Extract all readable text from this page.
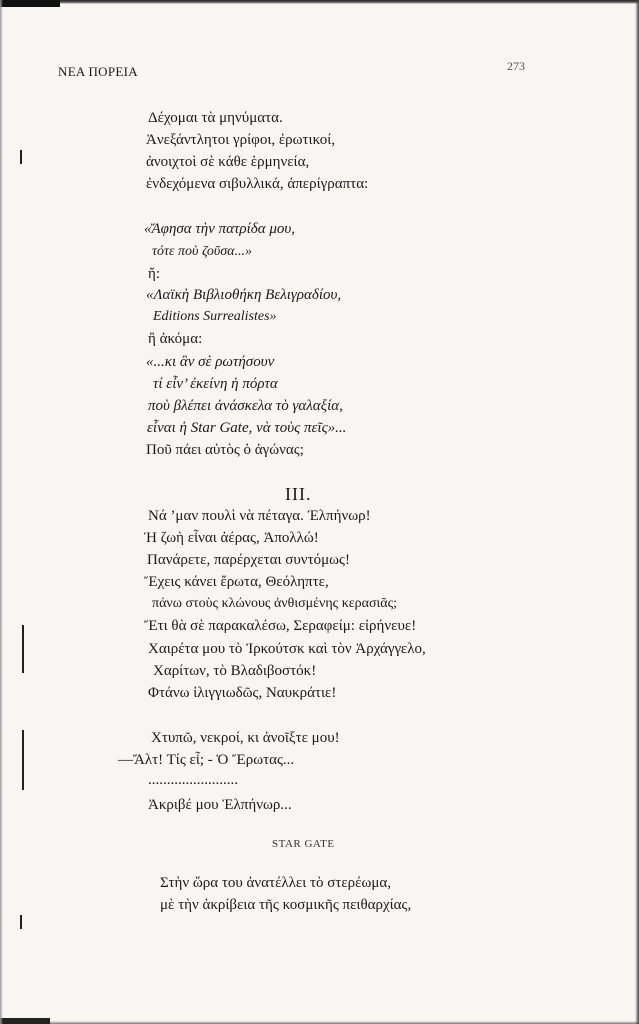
ΝΕΑ ΠΟΡΕΙΑ	273
Δέχομαι τὰ μηνύματα.
Ἀνεξάντλητοι γρίφοι, ἐρωτικοί,
ἀνοιχτοὶ σὲ κάθε ἑρμηνεία,
ἐνδεχόμενα σιβυλλικά, ἀπερίγραπτα:
«Ἄφησα τὴν πατρίδα μου,
τότε ποὺ ζοῦσα...»
ἤ:
«Λαϊκὴ Βιβλιοθήκη Βελιγραδίου,
Editions Surrealistes»
ἢ ἀκόμα:
«...κι ἂν σὲ ρωτήσουν
τί εἶν’ ἐκείνη ἡ πόρτα
ποὺ βλέπει ἀνάσκελα τὸ γαλαξία,
εἶναι ἡ Star Gate, νὰ τοὺς πεῖς»...
Ποῦ πάει αὐτὸς ὁ ἀγώνας;
III.
Νά ’μαν πουλὶ νὰ πέταγα. Ἐλπήνωρ!
Ἡ ζωὴ εἶναι ἀέρας, Ἀπολλώ!
Πανάρετε, παρέρχεται συντόμως!
Ἔχεις κάνει ἔρωτα, Θεόληπτε,
πάνω στοὺς κλώνους ἀνθισμένης κερασιᾶς;
Ἔτι θὰ σὲ παρακαλέσω, Σεραφείμ: εἰρήνευε!
Χαιρέτα μου τὸ Ἰρκούτσκ καὶ τὸν Ἀρχάγγελο,
Χαρίτων, τὸ Βλαδιβοστόκ!
Φτάνω ἰλιγγιωδῶς, Ναυκράτιε!
Χτυπῶ, νεκροί, κι ἀνοῖξτε μου!
—Ἄλτ! Τίς εἶ; - Ὁ Ἔρωτας...
........................
Ἀκριβέ μου Ἐλπήνωρ...
STAR GATE
Στὴν ὥρα του ἀνατέλλει τὸ στερέωμα,
μὲ τὴν ἀκρίβεια τῆς κοσμικῆς πειθαρχίας,
